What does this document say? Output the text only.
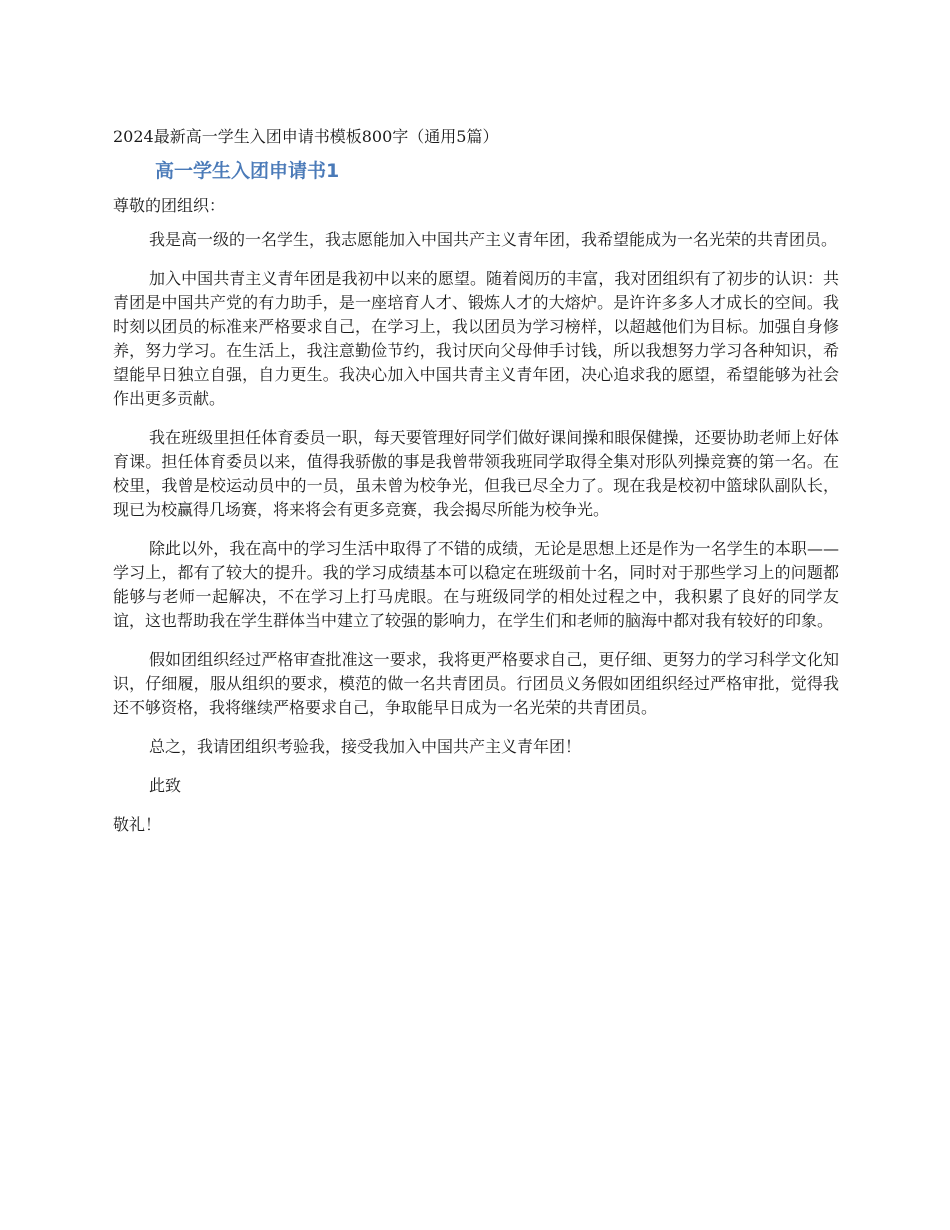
2024最新高一学生入团申请书模板800字（通用5篇）
高一学生入团申请书1
尊敬的团组织：

我是高一级的一名学生，我志愿能加入中国共产主义青年团，我希望能成为一名光荣的共青团员。

加入中国共青主义青年团是我初中以来的愿望。随着阅历的丰富，我对团组织有了初步的认识：共青团是中国共产党的有力助手，是一座培育人才、锻炼人才的大熔炉。是许许多多人才成长的空间。我时刻以团员的标准来严格要求自己，在学习上，我以团员为学习榜样，以超越他们为目标。加强自身修养，努力学习。在生活上，我注意勤俭节约，我讨厌向父母伸手讨钱，所以我想努力学习各种知识，希望能早日独立自强，自力更生。我决心加入中国共青主义青年团，决心追求我的愿望，希望能够为社会作出更多贡献。

我在班级里担任体育委员一职，每天要管理好同学们做好课间操和眼保健操，还要协助老师上好体育课。担任体育委员以来，值得我骄傲的事是我曾带领我班同学取得全集对形队列操竞赛的第一名。在校里，我曾是校运动员中的一员，虽未曾为校争光，但我已尽全力了。现在我是校初中篮球队副队长，现已为校赢得几场赛，将来将会有更多竞赛，我会揭尽所能为校争光。

除此以外，我在高中的学习生活中取得了不错的成绩，无论是思想上还是作为一名学生的本职——学习上，都有了较大的提升。我的学习成绩基本可以稳定在班级前十名，同时对于那些学习上的问题都能够与老师一起解决，不在学习上打马虎眼。在与班级同学的相处过程之中，我积累了良好的同学友谊，这也帮助我在学生群体当中建立了较强的影响力，在学生们和老师的脑海中都对我有较好的印象。

假如团组织经过严格审查批准这一要求，我将更严格要求自己，更仔细、更努力的学习科学文化知识，仔细履，服从组织的要求，模范的做一名共青团员。行团员义务假如团组织经过严格审批，觉得我还不够资格，我将继续严格要求自己，争取能早日成为一名光荣的共青团员。

总之，我请团组织考验我，接受我加入中国共产主义青年团！

此致
敬礼！
